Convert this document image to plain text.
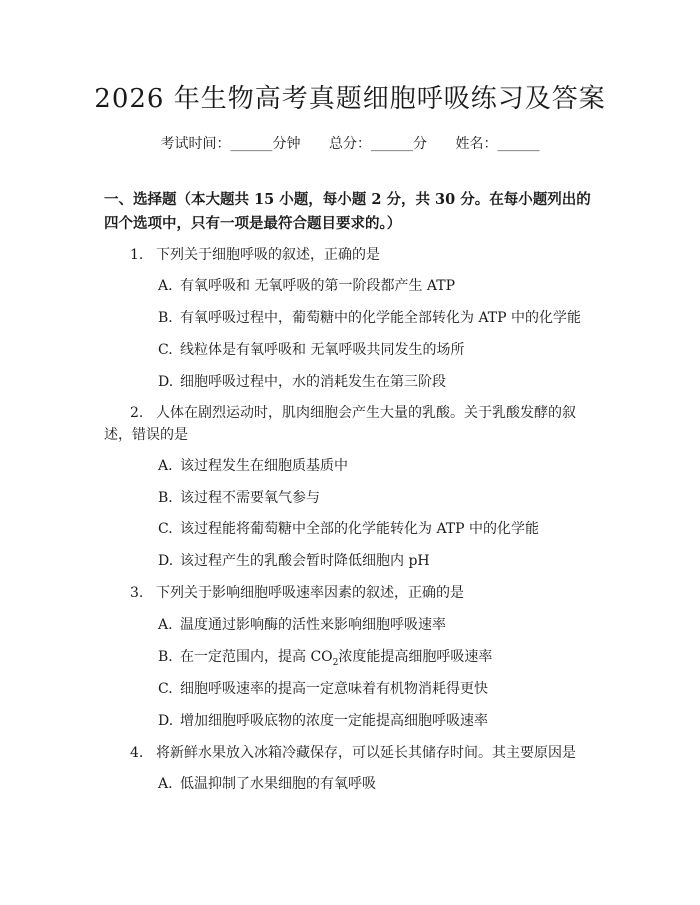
2026 年生物高考真题细胞呼吸练习及答案
考试时间：______分钟 总分：______分 姓名：______
一、选择题（本大题共 15 小题，每小题 2 分，共 30 分。在每小题列出的四个选项中，只有一项是最符合题目要求的。）
1. 下列关于细胞呼吸的叙述，正确的是
A. 有氧呼吸和 无氧呼吸的第一阶段都产生 ATP
B. 有氧呼吸过程中，葡萄糖中的化学能全部转化为 ATP 中的化学能
C. 线粒体是有氧呼吸和 无氧呼吸共同发生的场所
D. 细胞呼吸过程中，水的消耗发生在第三阶段
2. 人体在剧烈运动时，肌肉细胞会产生大量的乳酸。关于乳酸发酵的叙述，错误的是
A. 该过程发生在细胞质基质中
B. 该过程不需要氧气参与
C. 该过程能将葡萄糖中全部的化学能转化为 ATP 中的化学能
D. 该过程产生的乳酸会暂时降低细胞内 pH
3. 下列关于影响细胞呼吸速率因素的叙述，正确的是
A. 温度通过影响酶的活性来影响细胞呼吸速率
B. 在一定范围内，提高 $CO_2$浓度能提高细胞呼吸速率
C. 细胞呼吸速率的提高一定意味着有机物消耗得更快
D. 增加细胞呼吸底物的浓度一定能提高细胞呼吸速率
4. 将新鲜水果放入冰箱冷藏保存，可以延长其储存时间。其主要原因是
A. 低温抑制了水果细胞的有氧呼吸
